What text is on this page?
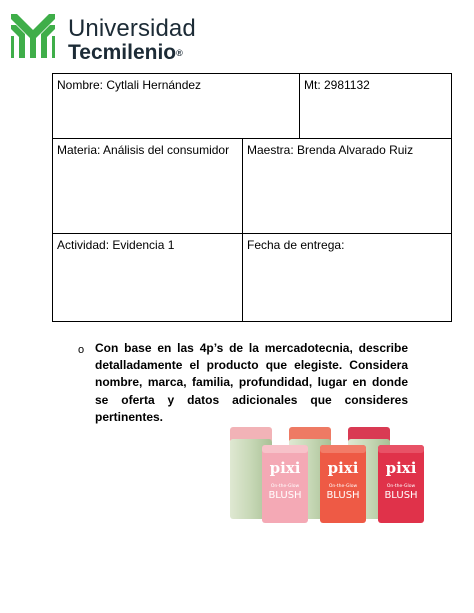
Universidad
Tecmilenio®
Nombre: Cytlali Hernández	Mt: 2981132
Materia: Análisis del consumidor	Maestra: Brenda Alvarado Ruiz
Actividad: Evidencia 1	Fecha de entrega:
o Con base en las 4p’s de la mercadotecnia, describe detalladamente el producto que elegiste. Considera nombre, marca, familia, profundidad, lugar en donde se oferta y datos adicionales que consideres pertinentes.
pixi
On-the-Glow
BLUSH
pixi
On-the-Glow
BLUSH
pixi
On-the-Glow
BLUSH
